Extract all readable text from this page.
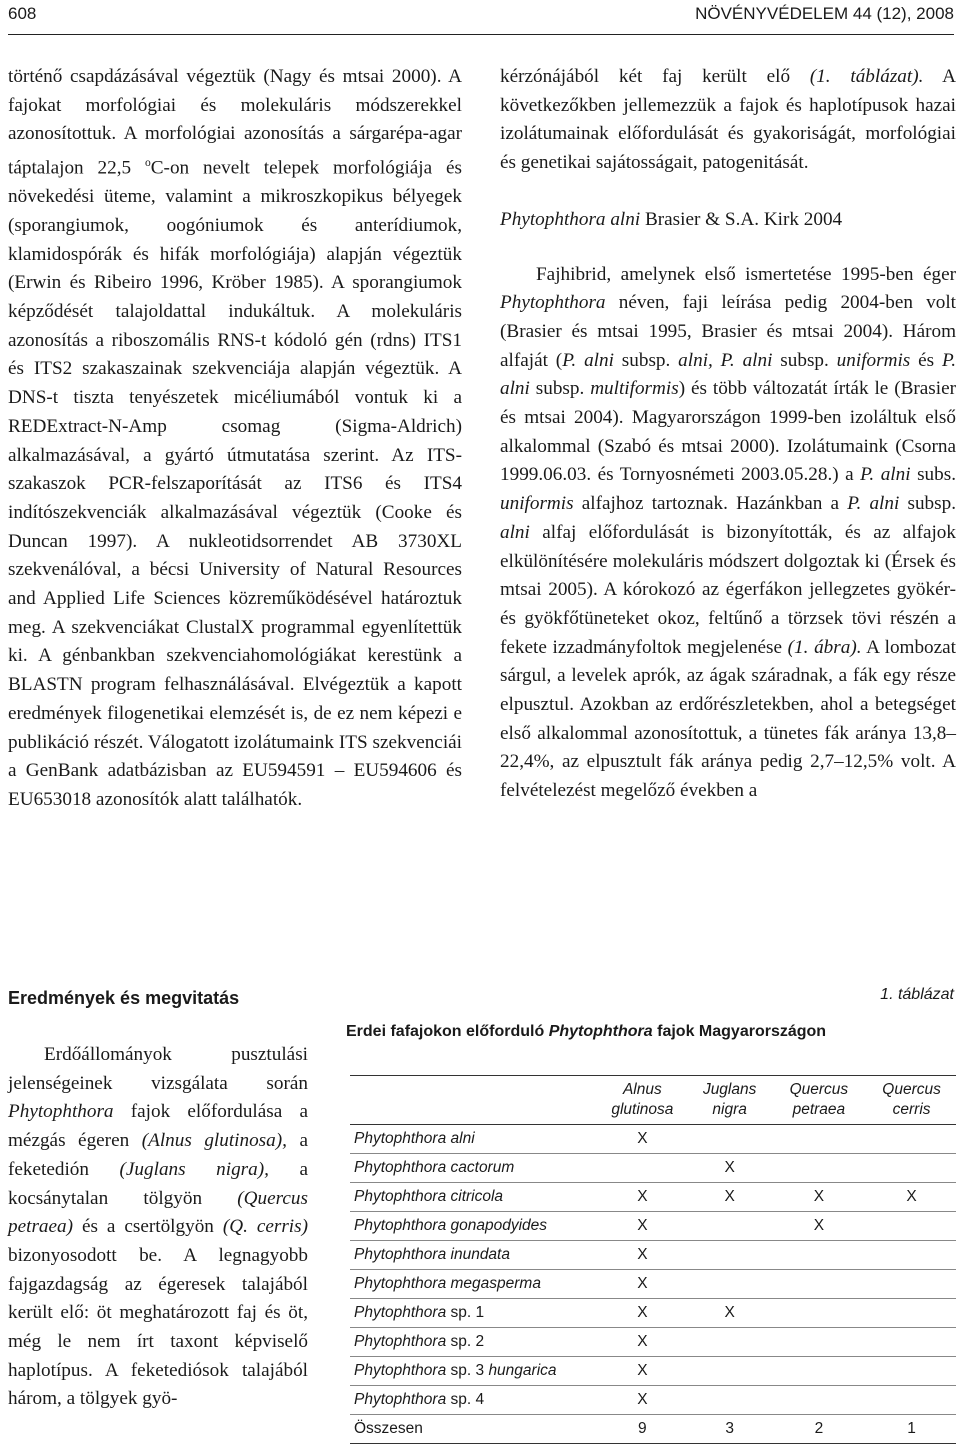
608	NÖVÉNYVÉDELEM 44 (12), 2008

történő csapdázásával végeztük (Nagy és mtsai 2000). A fajokat morfológiai és molekuláris módszerekkel azonosítottuk. A morfológiai azonosítás a sárgarépa-agar táptalajon 22,5 $^o$C-on nevelt telepek morfológiája és növekedési üteme, valamint a mikroszkopikus bélyegek (sporangiumok, oogóniumok és anterídiumok, klamidospórák és hifák morfológiája) alapján végeztük (Erwin és Ribeiro 1996, Kröber 1985). A sporangiumok képződését talajoldattal indukáltuk. A molekuláris azonosítás a riboszomális RNS-t kódoló gén (rdns) ITS1 és ITS2 szakaszainak szekvenciája alapján végeztük. A DNS-t tiszta tenyészetek micéliumából vontuk ki a REDExtract-N-Amp csomag (Sigma-Aldrich) alkalmazásával, a gyártó útmutatása szerint. Az ITS-szakaszok PCR-felszaporítását az ITS6 és ITS4 indítószekvenciák alkalmazásával végeztük (Cooke és Duncan 1997). A nukleotidsorrendet AB 3730XL szekvenálóval, a bécsi University of Natural Resources and Applied Life Sciences közreműködésével határoztuk meg. A szekvenciákat ClustalX programmal egyenlítettük ki. A génbankban szekvenciahomológiákat kerestünk a BLASTN program felhasználásával. Elvégeztük a kapott eredmények filogenetikai elemzését is, de ez nem képezi e publikáció részét. Válogatott izolátumaink ITS szekvenciái a GenBank adatbázisban az EU594591 – EU594606 és EU653018 azonosítók alatt találhatók.

kérzónájából két faj került elő (1. táblázat). A következőkben jellemezzük a fajok és haplotípusok hazai izolátumainak előfordulását és gyakoriságát, morfológiai és genetikai sajátosságait, patogenitását.

Phytophthora alni Brasier & S.A. Kirk 2004

Fajhibrid, amelynek első ismertetése 1995-ben éger Phytophthora néven, faji leírása pedig 2004-ben volt (Brasier és mtsai 1995, Brasier és mtsai 2004). Három alfaját (P. alni subsp. alni, P. alni subsp. uniformis és P. alni subsp. multiformis) és több változatát írták le (Brasier és mtsai 2004). Magyarországon 1999-ben izoláltuk első alkalommal (Szabó és mtsai 2000). Izolátumaink (Csorna 1999.06.03. és Tornyosnémeti 2003.05.28.) a P. alni subs. uniformis alfajhoz tartoznak. Hazánkban a P. alni subsp. alni alfaj előfordulását is bizonyították, és az alfajok elkülönítésére molekuláris módszert dolgoztak ki (Érsek és mtsai 2005). A kórokozó az égerfákon jellegzetes gyökér- és gyökfőtüneteket okoz, feltűnő a törzsek tövi részén a fekete izzadmányfoltok megjelenése (1. ábra). A lombozat sárgul, a levelek aprók, az ágak száradnak, a fák egy része elpusztul. Azokban az erdőrészletekben, ahol a betegséget első alkalommal azonosítottuk, a tünetes fák aránya 13,8–22,4%, az elpusztult fák aránya pedig 2,7–12,5% volt. A felvételezést megelőző években a

Eredmények és megvitatás

Erdőállományok pusztulási jelenségeinek vizsgálata során Phytophthora fajok előfordulása a mézgás égeren (Alnus glutinosa), a feketedión (Juglans nigra), a kocsánytalan tölgyön (Quercus petraea) és a csertölgyön (Q. cerris) bizonyosodott be. A legnagyobb fajgazdagság az égeresek talajából került elő: öt meghatározott faj és öt, még le nem írt taxont képviselő haplotípus. A feketediósok talajából három, a tölgyek gyö-

1. táblázat
Erdei fafajokon előforduló Phytophthora fajok Magyarországon
	Alnus glutinosa	Juglans nigra	Quercus petraea	Quercus cerris
Phytophthora alni	X			
Phytophthora cactorum		X		
Phytophthora citricola	X	X	X	X
Phytophthora gonapodyides	X		X	
Phytophthora inundata	X			
Phytophthora megasperma	X			
Phytophthora sp. 1	X	X		
Phytophthora sp. 2	X			
Phytophthora sp. 3 hungarica	X			
Phytophthora sp. 4	X			
Összesen	9	3	2	1
